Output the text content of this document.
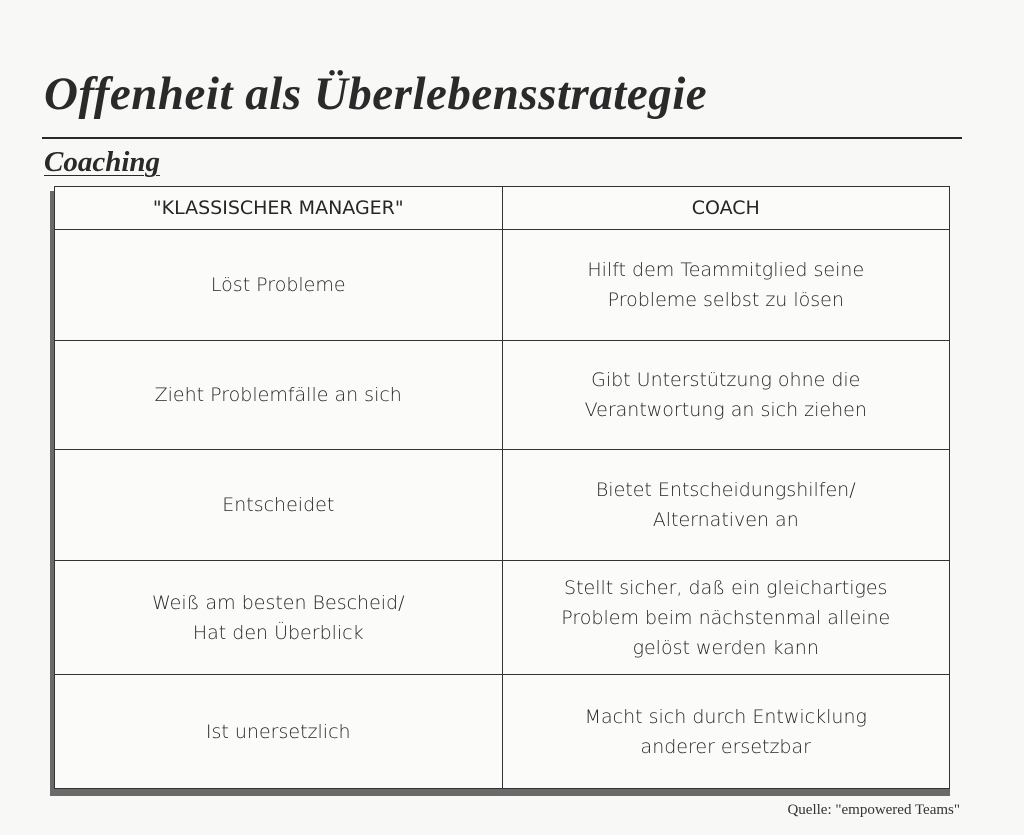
Offenheit als Überlebensstrategie
Coaching
"KLASSISCHER MANAGER"	COACH

Löst Probleme	Hilft dem Teammitglied seine
Probleme selbst zu lösen

Zieht Problemfälle an sich	Gibt Unterstützung ohne die
Verantwortung an sich ziehen

Entscheidet	Bietet Entscheidungshilfen/
Alternativen an

Weiß am besten Bescheid/
Hat den Überblick	Stellt sicher, daß ein gleichartiges
Problem beim nächstenmal alleine
gelöst werden kann

Ist unersetzlich	Macht sich durch Entwicklung
anderer ersetzbar
Quelle: "empowered Teams"
